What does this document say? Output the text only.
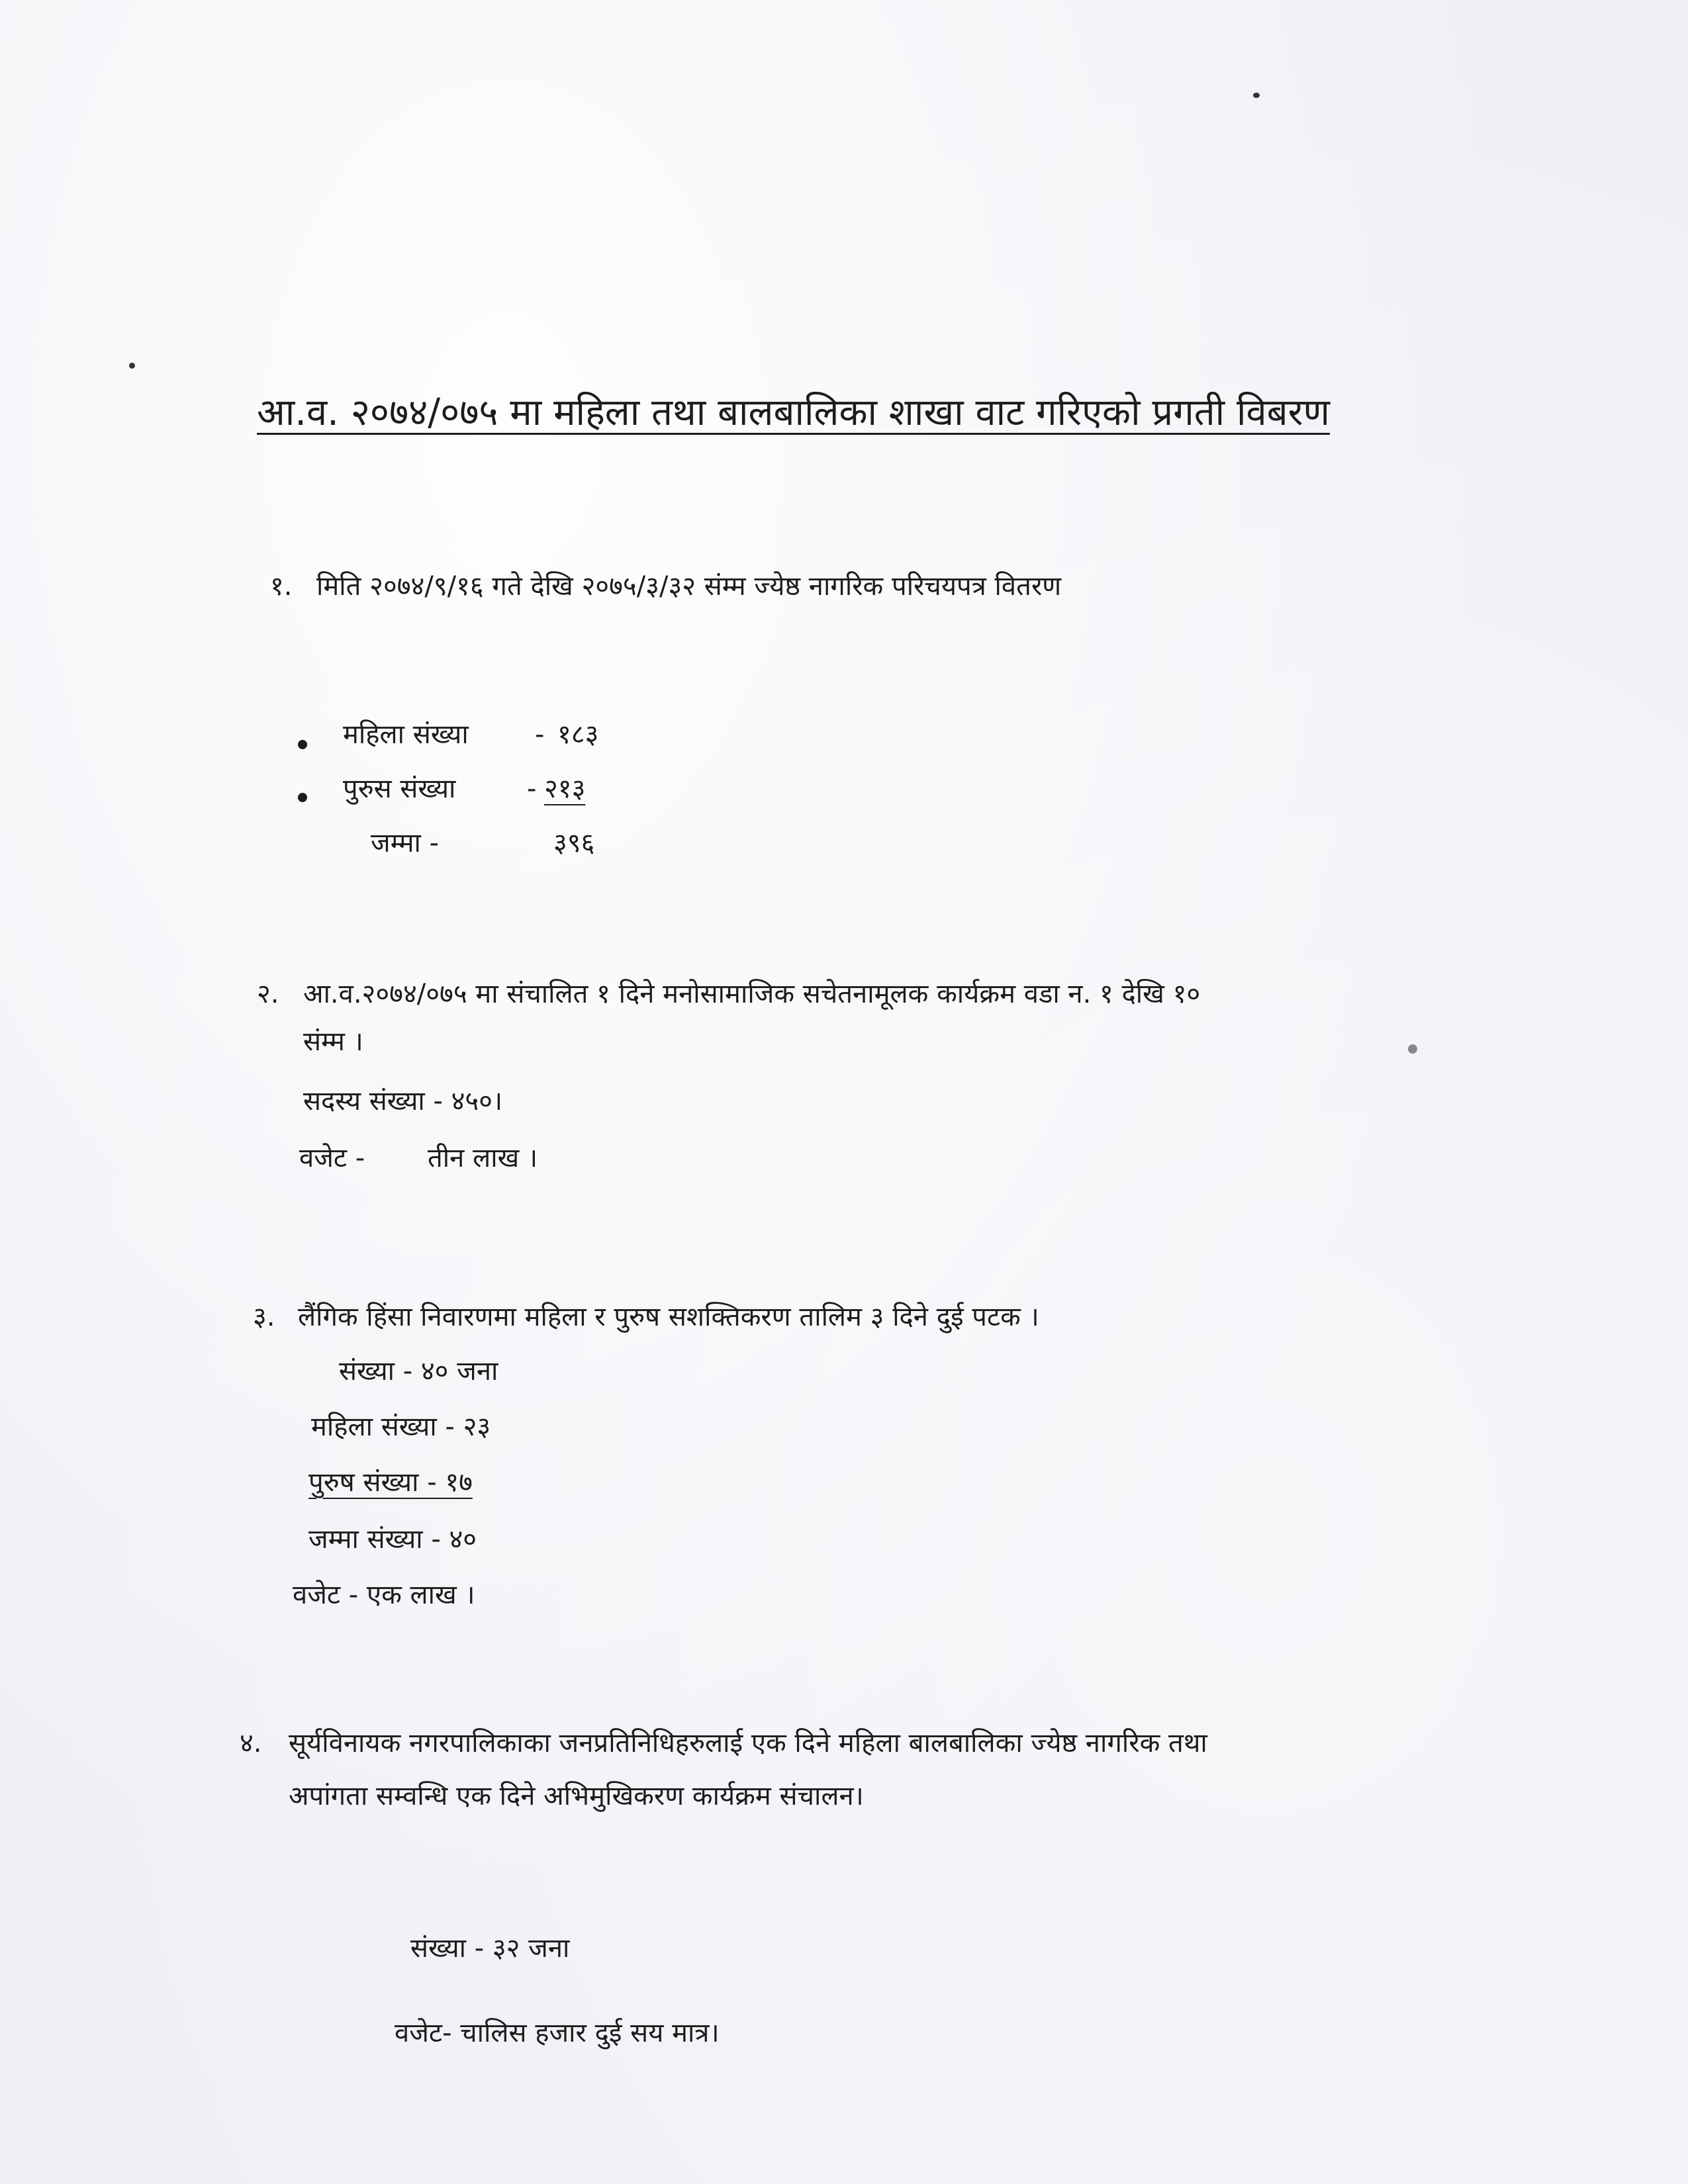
आ.व. २०७४/०७५ मा महिला तथा बालबालिका शाखा वाट गरिएको प्रगती विबरण
१. मिति २०७४/९/१६ गते देखि २०७५/३/३२ संम्म ज्येष्ठ नागरिक परिचयपत्र वितरण
महिला संख्या	- १८३
पुरुस संख्या	- २१३
जम्मा -	३९६
२. आ.व.२०७४/०७५ मा संचालित १ दिने मनोसामाजिक सचेतनामूलक कार्यक्रम वडा न. १ देखि १०
संम्म ।
सदस्य संख्या - ४५०।
वजेट - तीन लाख ।
३. लैंगिक हिंसा निवारणमा महिला र पुरुष सशक्तिकरण तालिम ३ दिने दुई पटक ।
संख्या - ४० जना
महिला संख्या - २३
पुरुष संख्या - १७
जम्मा संख्या - ४०
वजेट - एक लाख ।
४. सूर्यविनायक नगरपालिकाका जनप्रतिनिधिहरुलाई एक दिने महिला बालबालिका ज्येष्ठ नागरिक तथा
अपांगता सम्वन्धि एक दिने अभिमुखिकरण कार्यक्रम संचालन।
संख्या - ३२ जना
वजेट- चालिस हजार दुई सय मात्र।
